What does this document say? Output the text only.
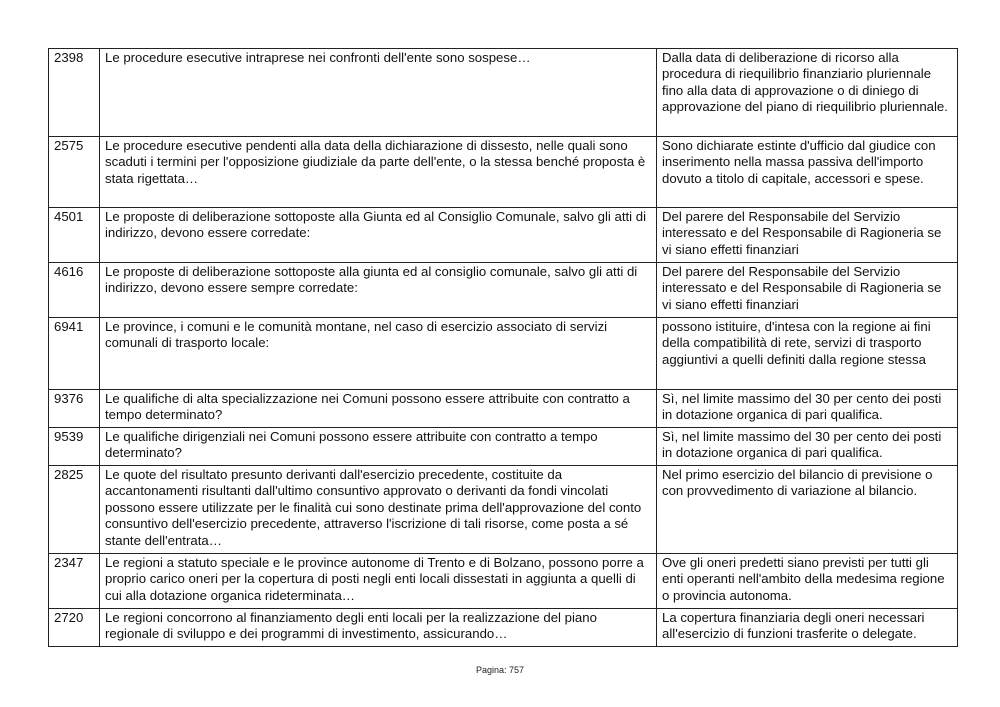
2398	Le procedure esecutive intraprese nei confronti dell'ente sono sospese…	Dalla data di deliberazione di ricorso alla procedura di riequilibrio finanziario pluriennale fino alla data di approvazione o di diniego di approvazione del piano di riequilibrio pluriennale.
2575	Le procedure esecutive pendenti alla data della dichiarazione di dissesto, nelle quali sono scaduti i termini per l'opposizione giudiziale da parte dell'ente, o la stessa benché proposta è stata rigettata…	Sono dichiarate estinte d'ufficio dal giudice con inserimento nella massa passiva dell'importo dovuto a titolo di capitale, accessori e spese.
4501	Le proposte di deliberazione sottoposte alla Giunta ed al Consiglio Comunale, salvo gli atti di indirizzo, devono essere corredate:	Del parere del Responsabile del Servizio interessato e del Responsabile di Ragioneria se vi siano effetti finanziari
4616	Le proposte di deliberazione sottoposte alla giunta ed al consiglio comunale, salvo gli atti di indirizzo, devono essere sempre corredate:	Del parere del Responsabile del Servizio interessato e del Responsabile di Ragioneria se vi siano effetti finanziari
6941	Le province, i comuni e le comunità montane, nel caso di esercizio associato di servizi comunali di trasporto locale:	possono istituire, d'intesa con la regione ai fini della compatibilità di rete, servizi di trasporto aggiuntivi a quelli definiti dalla regione stessa
9376	Le qualifiche di alta specializzazione nei Comuni possono essere attribuite con contratto a tempo determinato?	Sì, nel limite massimo del 30 per cento dei posti in dotazione organica di pari qualifica.
9539	Le qualifiche dirigenziali nei Comuni possono essere attribuite con contratto a tempo determinato?	Sì, nel limite massimo del 30 per cento dei posti in dotazione organica di pari qualifica.
2825	Le quote del risultato presunto derivanti dall'esercizio precedente, costituite da accantonamenti risultanti dall'ultimo consuntivo approvato o derivanti da fondi vincolati possono essere utilizzate per le finalità cui sono destinate prima dell'approvazione del conto consuntivo dell'esercizio precedente, attraverso l'iscrizione di tali risorse, come posta a sé stante dell'entrata…	Nel primo esercizio del bilancio di previsione o con provvedimento di variazione al bilancio.
2347	Le regioni a statuto speciale e le province autonome di Trento e di Bolzano, possono porre a proprio carico oneri per la copertura di posti negli enti locali dissestati in aggiunta a quelli di cui alla dotazione organica rideterminata…	Ove gli oneri predetti siano previsti per tutti gli enti operanti nell'ambito della medesima regione o provincia autonoma.
2720	Le regioni concorrono al finanziamento degli enti locali per la realizzazione del piano regionale di sviluppo e dei programmi di investimento, assicurando…	La copertura finanziaria degli oneri necessari all'esercizio di funzioni trasferite o delegate.
Pagina: 757
